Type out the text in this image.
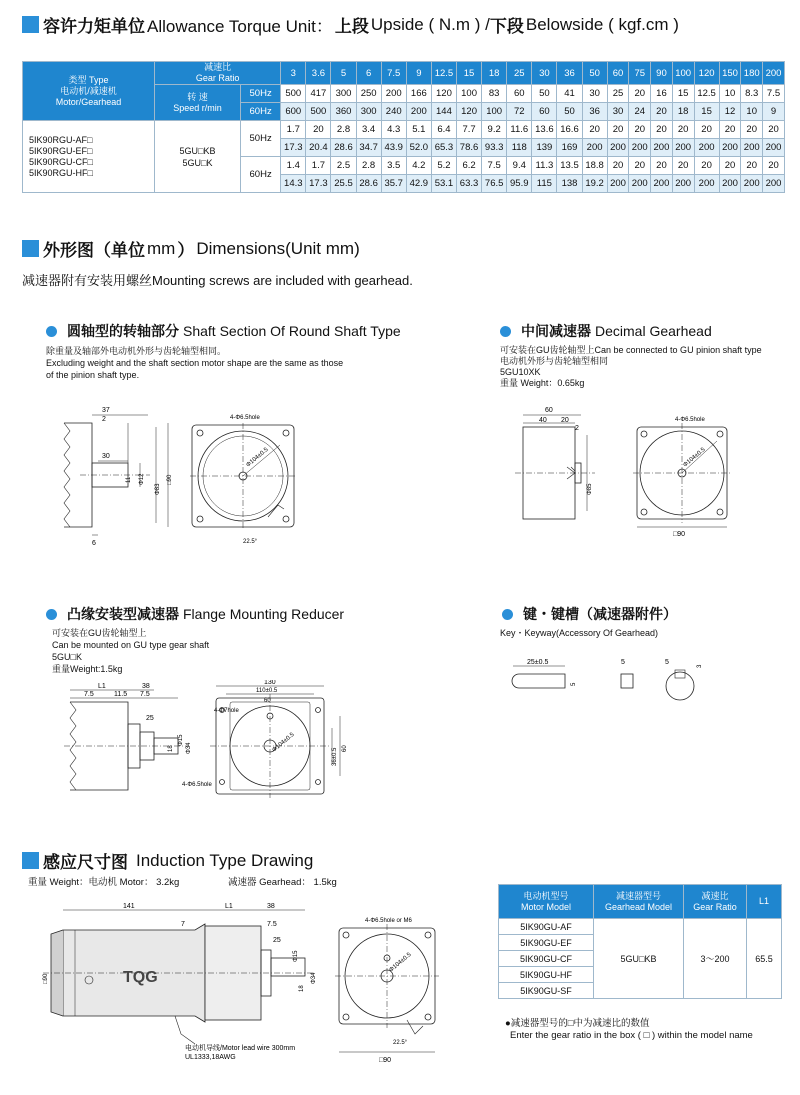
容许力矩单位 Allowance Torque Unit： 上段 Upside ( N.m ) / 下段 Belowside ( kgf.cm )
类型 Type
电动机/减速机
Motor/Gearhead	减速比
Gear Ratio		3	3.6	5	6	7.5	9	12.5	15	18	25	30	36	50	60	75	90	100	120	150	180	200
	转 速
Speed r/min	50Hz	500	417	300	250	200	166	120	100	83	60	50	41	30	25	20	16	15	12.5	10	8.3	7.5
		60Hz	600	500	360	300	240	200	144	120	100	72	60	50	36	30	24	20	18	15	12	10	9
5IK90RGU-AF□
5IK90RGU-EF□
5IK90RGU-CF□
5IK90RGU-HF□	5GU□KB
5GU□K	50Hz	1.7	20	2.8	3.4	4.3	5.1	6.4	7.7	9.2	11.6	13.6	16.6	20	20	20	20	20	20	20	20	20
			17.3	20.4	28.6	34.7	43.9	52.0	65.3	78.6	93.3	118	139	169	200	200	200	200	200	200	200	200	200
		60Hz	1.4	1.7	2.5	2.8	3.5	4.2	5.2	6.2	7.5	9.4	11.3	13.5	18.8	20	20	20	20	20	20	20	20
			14.3	17.3	25.5	28.6	35.7	42.9	53.1	63.3	76.5	95.9	115	138	19.2	200	200	200	200	200	200	200	200
外形图（单位 mm ） Dimensions(Unit mm)
减速器附有安装用螺丝Mounting screws are included with gearhead.
圆轴型的转轴部分 Shaft Section Of Round Shaft Type
除重量及轴部外电动机外形与齿轮轴型相同。
Excluding weight and the shaft section motor shape are the same as those
of the pinion shaft type.
37
2
30
11
6
Φ12
Φ83
□90
4-Φ6.5hole
Φ104±0.5
22.5°
中间减速器 Decimal Gearhead
可安装在GU齿轮轴型上Can be connected to GU pinion shaft type
电动机外形与齿轮轴型相同
5GU10XK
重量 Weight：0.65kg
60
40 20
2
Φ85
4-Φ6.5hole
Φ104±0.5
□90
凸缘安装型减速器 Flange Mounting Reducer
可安装在GU齿轮轴型上
Can be mounted on GU type gear shaft
5GU□K
重量Weight:1.5kg
L1	38
7.5	11.5 7.5
25
18
Φ15
Φ34
130
110±0.5
60
4-Φ7hole
Φ104±0.5
4-Φ6.5hole
36±0.5 60
键・键槽（减速器附件）
Key・Keyway(Accessory Of Gearhead)
25±0.5
5
5	5
3
感应尺寸图 Induction Type Drawing
重量 Weight：电动机 Motor： 3.2kg	减速器 Gearhead： 1.5kg
TQG
141	L1	38
7	7.5
25
18
Φ15
Φ34
□90
4-Φ6.5hole or M6
Φ104±0.5
22.5°
□90
电动机导线/Motor lead wire 300mm
UL1333,18AWG
电动机型号
Motor Model	减速器型号
Gearhead Model	减速比
Gear Ratio	L1
5IK90GU-AF	5GU□KB	3～200	65.5
5IK90GU-EF			
5IK90GU-CF			
5IK90GU-HF			
5IK90GU-SF			
●减速器型号的□中为减速比的数值
Enter the gear ratio in the box ( □ ) within the model name
